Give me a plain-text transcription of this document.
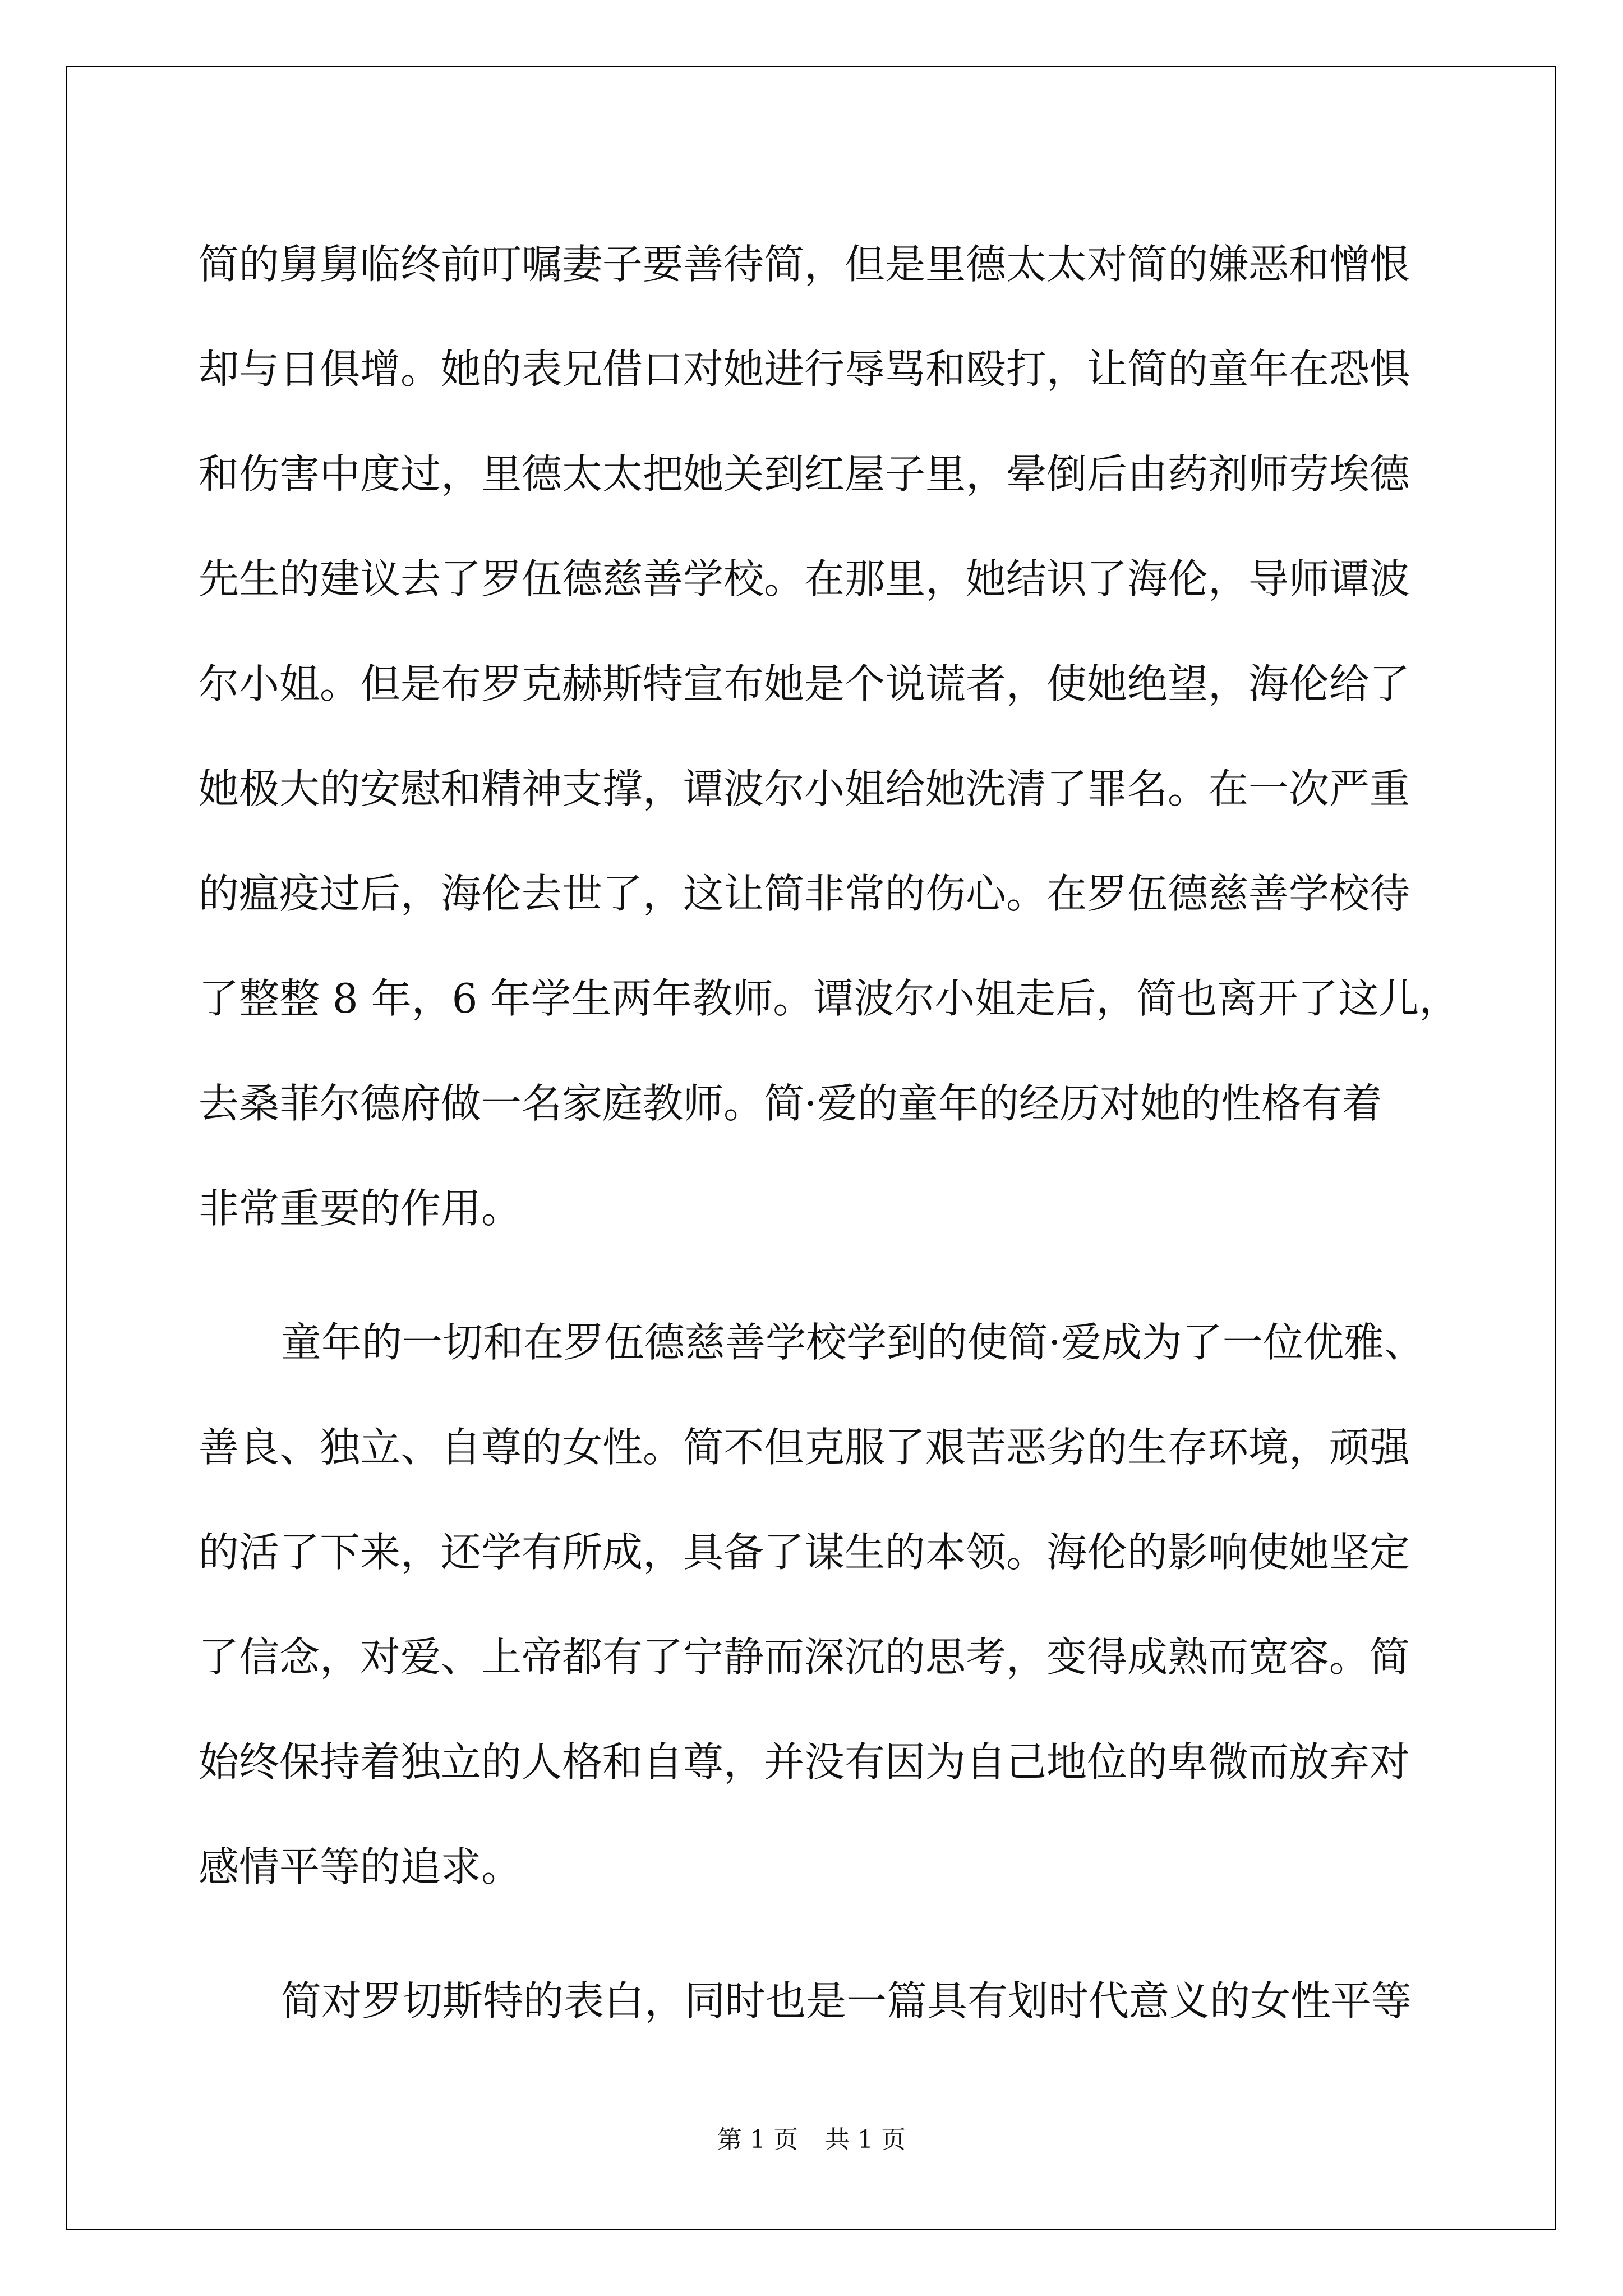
简的舅舅临终前叮嘱妻子要善待简，但是里德太太对简的嫌恶和憎恨
却与日俱增。她的表兄借口对她进行辱骂和殴打，让简的童年在恐惧
和伤害中度过，里德太太把她关到红屋子里，晕倒后由药剂师劳埃德
先生的建议去了罗伍德慈善学校。在那里，她结识了海伦，导师谭波
尔小姐。但是布罗克赫斯特宣布她是个说谎者，使她绝望，海伦给了
她极大的安慰和精神支撑，谭波尔小姐给她洗清了罪名。在一次严重
的瘟疫过后，海伦去世了，这让简非常的伤心。在罗伍德慈善学校待
了整整 8 年，6 年学生两年教师。谭波尔小姐走后，简也离开了这儿，
去桑菲尔德府做一名家庭教师。简·爱的童年的经历对她的性格有着
非常重要的作用。
童年的一切和在罗伍德慈善学校学到的使简·爱成为了一位优雅、
善良、独立、自尊的女性。简不但克服了艰苦恶劣的生存环境，顽强
的活了下来，还学有所成，具备了谋生的本领。海伦的影响使她坚定
了信念，对爱、上帝都有了宁静而深沉的思考，变得成熟而宽容。简
始终保持着独立的人格和自尊，并没有因为自己地位的卑微而放弃对
感情平等的追求。
简对罗切斯特的表白，同时也是一篇具有划时代意义的女性平等
第 1 页 共 1 页
